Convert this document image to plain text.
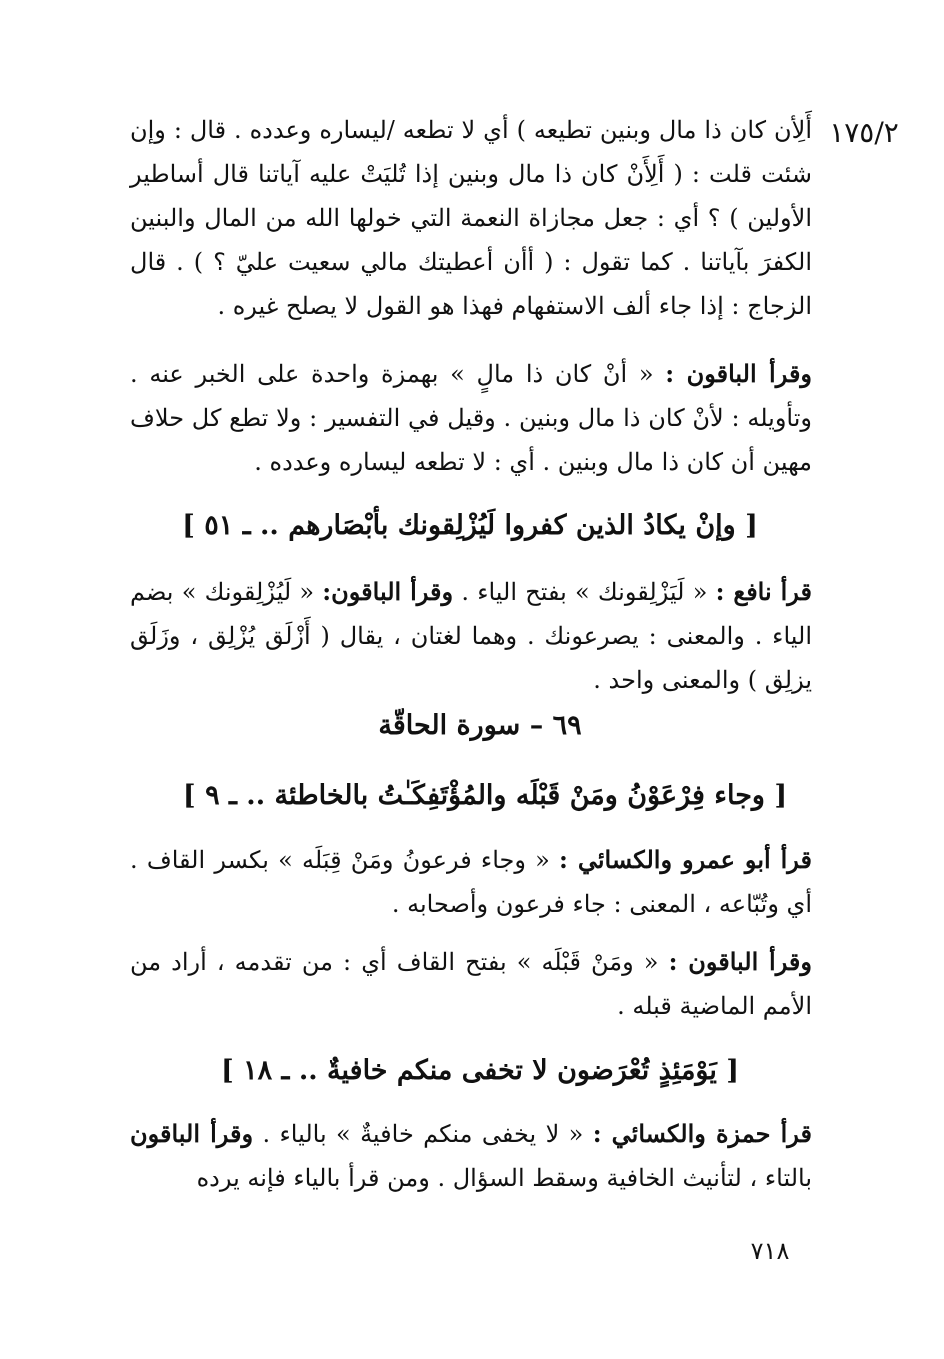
١٧٥/٢
أَلِأن كان ذا مال وبنين تطيعه ) أي لا تطعه /ليساره وعدده . قال : وإن شئت قلت : ( أَلِأَنْ كان ذا مال وبنين إذا تُليَتْ عليه آياتنا قال أساطير الأولين ) ؟ أي : جعل مجازاة النعمة التي خولها الله من المال والبنين الكفرَ بآياتنا . كما تقول : ( أأن أعطيتك مالي سعيت عليّ ؟ ) . قال الزجاج : إذا جاء ألف الاستفهام فهذا هو القول لا يصلح غيره .
وقرأ الباقون : « أنْ كان ذا مالٍ » بهمزة واحدة على الخبر عنه . وتأويله : لأنْ كان ذا مال وبنين . وقيل في التفسير : ولا تطع كل حلاف مهين أن كان ذا مال وبنين . أي : لا تطعه ليساره وعدده .
[ وإنْ يكادُ الذين كفروا لَيُزْلِقونك بأبْصَارهم .. ـ ٥١ ]
قرأ نافع : « لَيَزْلِقونك » بفتح الياء . وقرأ الباقون: « لَيُزْلِقونك » بضم الياء . والمعنى : يصرعونك . وهما لغتان ، يقال ( أَزْلَق يُزْلِق ، وزَلَق يزلِق ) والمعنى واحد .
٦٩ – سورة الحاقّة
[ وجاء فِرْعَوْنُ ومَنْ قَبْلَه والمُؤْتَفِكَـٰتُ بالخاطئة .. ـ ٩ ]
قرأ أبو عمرو والكسائي : « وجاء فرعونُ ومَنْ قِبَلَه » بكسر القاف . أي وتُبّاعه ، المعنى : جاء فرعون وأصحابه .
وقرأ الباقون : « ومَنْ قَبْلَه » بفتح القاف أي : من تقدمه ، أراد من الأمم الماضية قبله .
[ يَوْمَئِذٍ تُعْرَضون لا تخفى منكم خافيةٌ .. ـ ١٨ ]
قرأ حمزة والكسائي : « لا يخفى منكم خافيةٌ » بالياء . وقرأ الباقون بالتاء ، لتأنيث الخافية وسقط السؤال . ومن قرأ بالياء فإنه يرده
٧١٨
